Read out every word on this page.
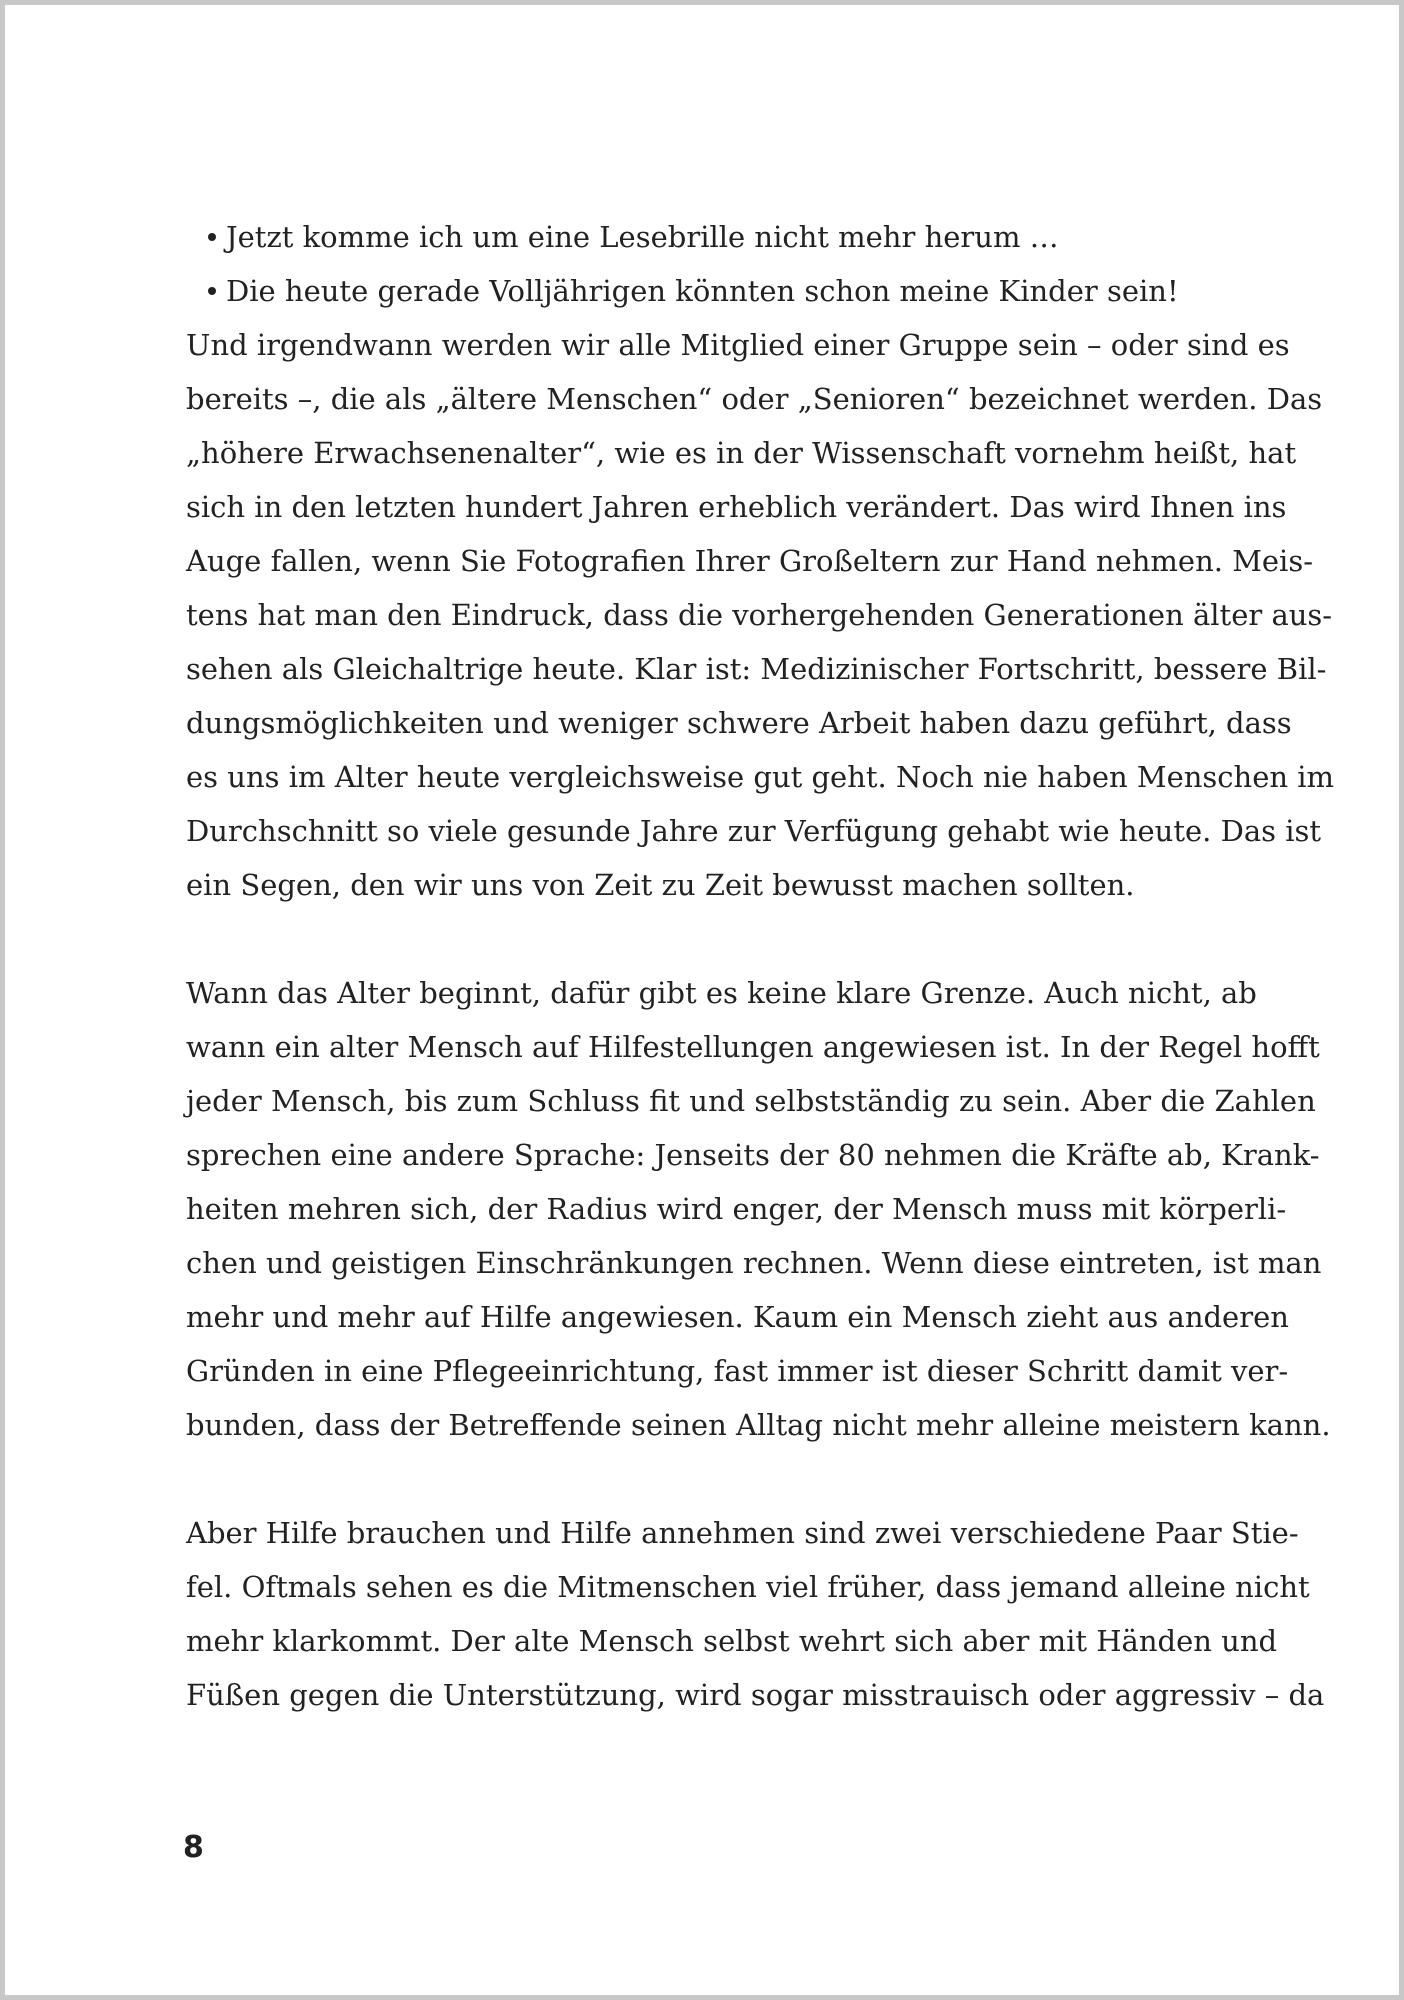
Jetzt komme ich um eine Lesebrille nicht mehr herum …
Die heute gerade Volljährigen könnten schon meine Kinder sein!
Und irgendwann werden wir alle Mitglied einer Gruppe sein – oder sind es
bereits –, die als „ältere Menschen“ oder „Senioren“ bezeichnet werden. Das
„höhere Erwachsenenalter“, wie es in der Wissenschaft vornehm heißt, hat
sich in den letzten hundert Jahren erheblich verändert. Das wird Ihnen ins
Auge fallen, wenn Sie Fotografien Ihrer Großeltern zur Hand nehmen. Meis-
tens hat man den Eindruck, dass die vorhergehenden Generationen älter aus-
sehen als Gleichaltrige heute. Klar ist: Medizinischer Fortschritt, bessere Bil-
dungsmöglichkeiten und weniger schwere Arbeit haben dazu geführt, dass
es uns im Alter heute vergleichsweise gut geht. Noch nie haben Menschen im
Durchschnitt so viele gesunde Jahre zur Verfügung gehabt wie heute. Das ist
ein Segen, den wir uns von Zeit zu Zeit bewusst machen sollten.
Wann das Alter beginnt, dafür gibt es keine klare Grenze. Auch nicht, ab
wann ein alter Mensch auf Hilfestellungen angewiesen ist. In der Regel hofft
jeder Mensch, bis zum Schluss fit und selbstständig zu sein. Aber die Zahlen
sprechen eine andere Sprache: Jenseits der 80 nehmen die Kräfte ab, Krank-
heiten mehren sich, der Radius wird enger, der Mensch muss mit körperli-
chen und geistigen Einschränkungen rechnen. Wenn diese eintreten, ist man
mehr und mehr auf Hilfe angewiesen. Kaum ein Mensch zieht aus anderen
Gründen in eine Pflegeeinrichtung, fast immer ist dieser Schritt damit ver-
bunden, dass der Betreffende seinen Alltag nicht mehr alleine meistern kann.
Aber Hilfe brauchen und Hilfe annehmen sind zwei verschiedene Paar Stie-
fel. Oftmals sehen es die Mitmenschen viel früher, dass jemand alleine nicht
mehr klarkommt. Der alte Mensch selbst wehrt sich aber mit Händen und
Füßen gegen die Unterstützung, wird sogar misstrauisch oder aggressiv – da
8
